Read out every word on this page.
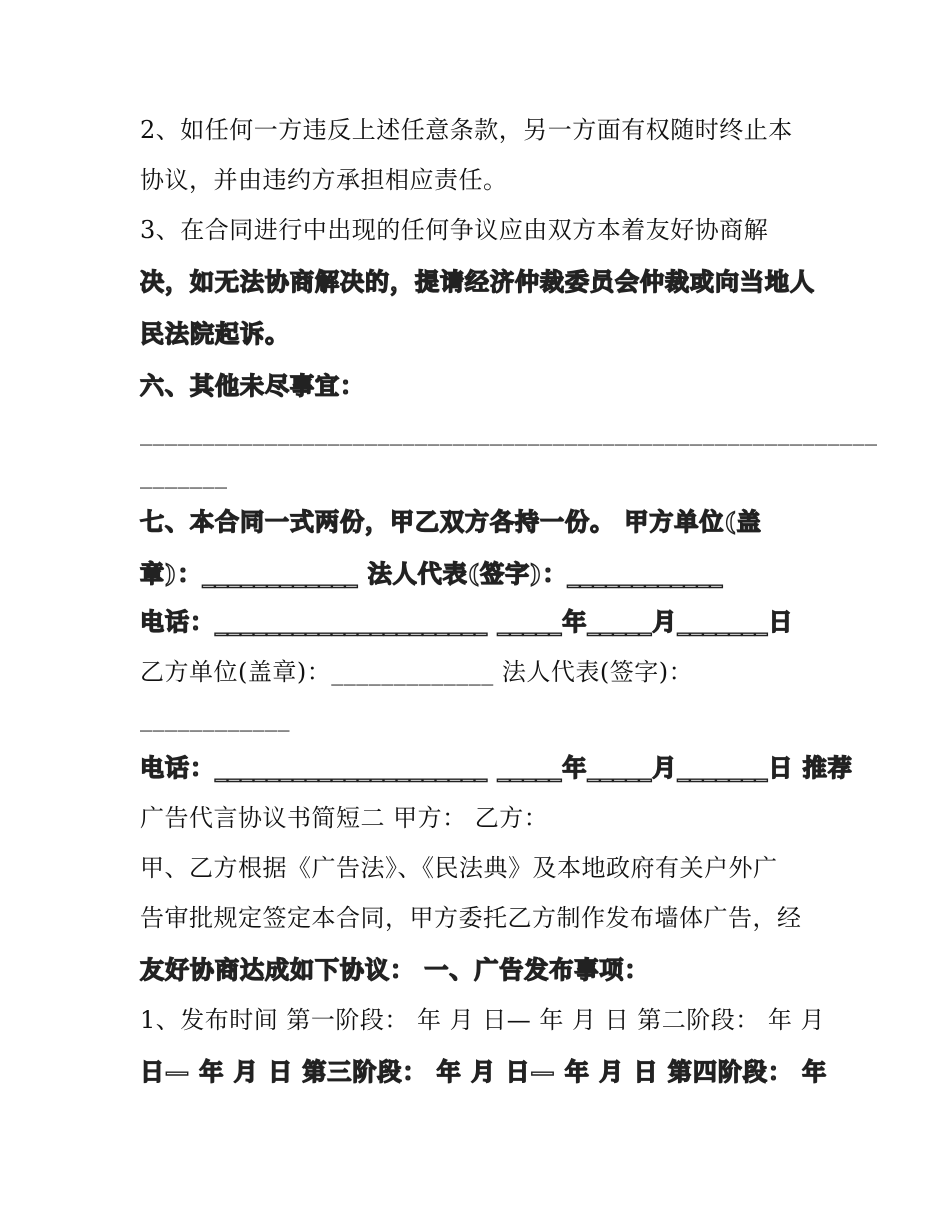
2、如任何一方违反上述任意条款，另一方面有权随时终止本
协议，并由违约方承担相应责任。
3、在合同进行中出现的任何争议应由双方本着友好协商解
决，如无法协商解决的，提请经济仲裁委员会仲裁或向当地人
民法院起诉。
六、其他未尽事宜：
___________________________________________________________
_______
七、本合同一式两份，甲乙双方各持一份。 甲方单位(盖
章)：____________ 法人代表(签字)：____________
电话：_____________________ _____年_____月_______日
乙方单位(盖章)：_____________ 法人代表(签字)：
____________
电话：_____________________ _____年_____月_______日 推荐
广告代言协议书简短二 甲方： 乙方：
甲、乙方根据《广告法》、《民法典》及本地政府有关户外广
告审批规定签定本合同，甲方委托乙方制作发布墙体广告，经
友好协商达成如下协议： 一、广告发布事项：
1、发布时间 第一阶段： 年 月 日— 年 月 日 第二阶段： 年 月
日— 年 月 日 第三阶段： 年 月 日— 年 月 日 第四阶段： 年
